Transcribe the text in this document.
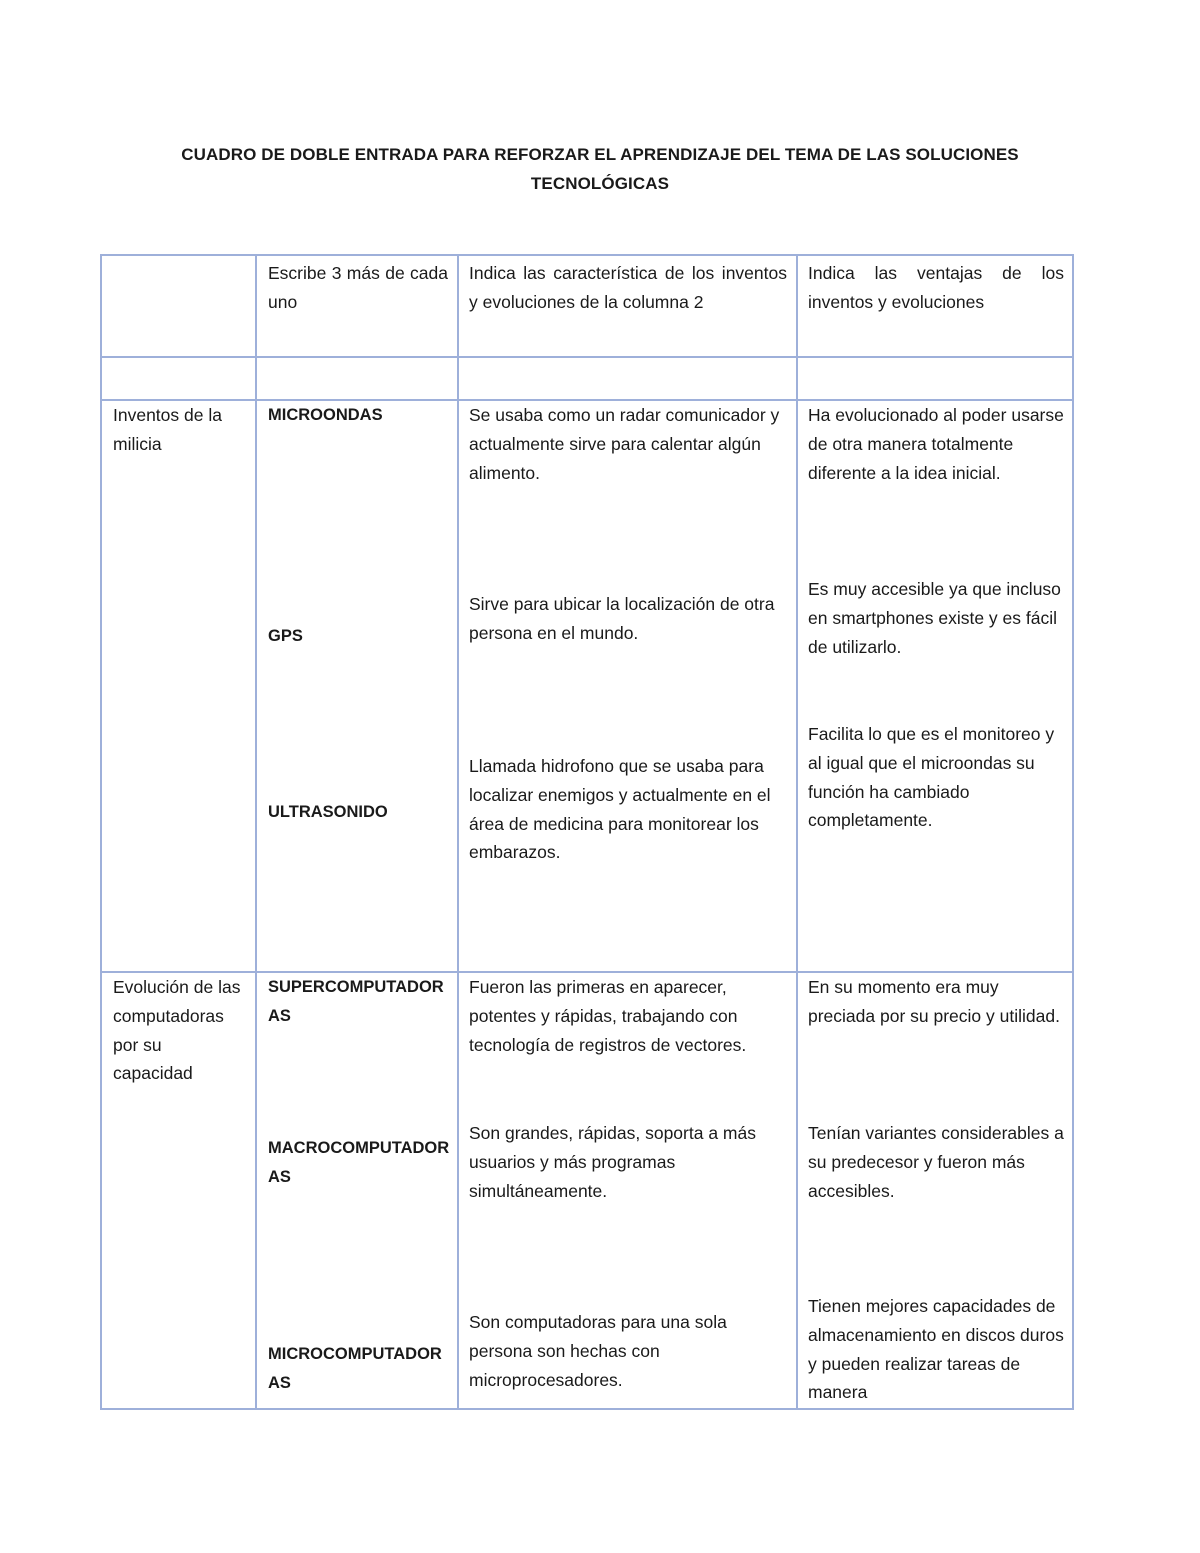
CUADRO DE DOBLE ENTRADA PARA REFORZAR EL APRENDIZAJE DEL TEMA DE LAS SOLUCIONES
TECNOLÓGICAS
Escribe 3 más de cada uno
Indica las característica de los inventos y evoluciones de la columna 2
Indica las ventajas de los inventos y evoluciones
Inventos de la milicia
MICROONDAS	Se usaba como un radar comunicador y actualmente sirve para calentar algún alimento.
Ha evolucionado al poder usarse de otra manera totalmente diferente a la idea inicial.
GPS
Sirve para ubicar la localización de otra persona en el mundo.
Es muy accesible ya que incluso en smartphones existe y es fácil de utilizarlo.
ULTRASONIDO
Llamada hidrofono que se usaba para localizar enemigos y actualmente en el área de medicina para monitorear los embarazos.
Facilita lo que es el monitoreo y al igual que el microondas su función ha cambiado completamente.
Evolución de las computadoras por su capacidad
SUPERCOMPUTADORAS
Fueron las primeras en aparecer, potentes y rápidas, trabajando con tecnología de registros de vectores.
En su momento era muy preciada por su precio y utilidad.
MACROCOMPUTADORAS
Son grandes, rápidas, soporta a más usuarios y más programas simultáneamente.
Tenían variantes considerables a su predecesor y fueron más accesibles.
MICROCOMPUTADORAS
Son computadoras para una sola persona son hechas con microprocesadores.
Tienen mejores capacidades de almacenamiento en discos duros y pueden realizar tareas de manera
